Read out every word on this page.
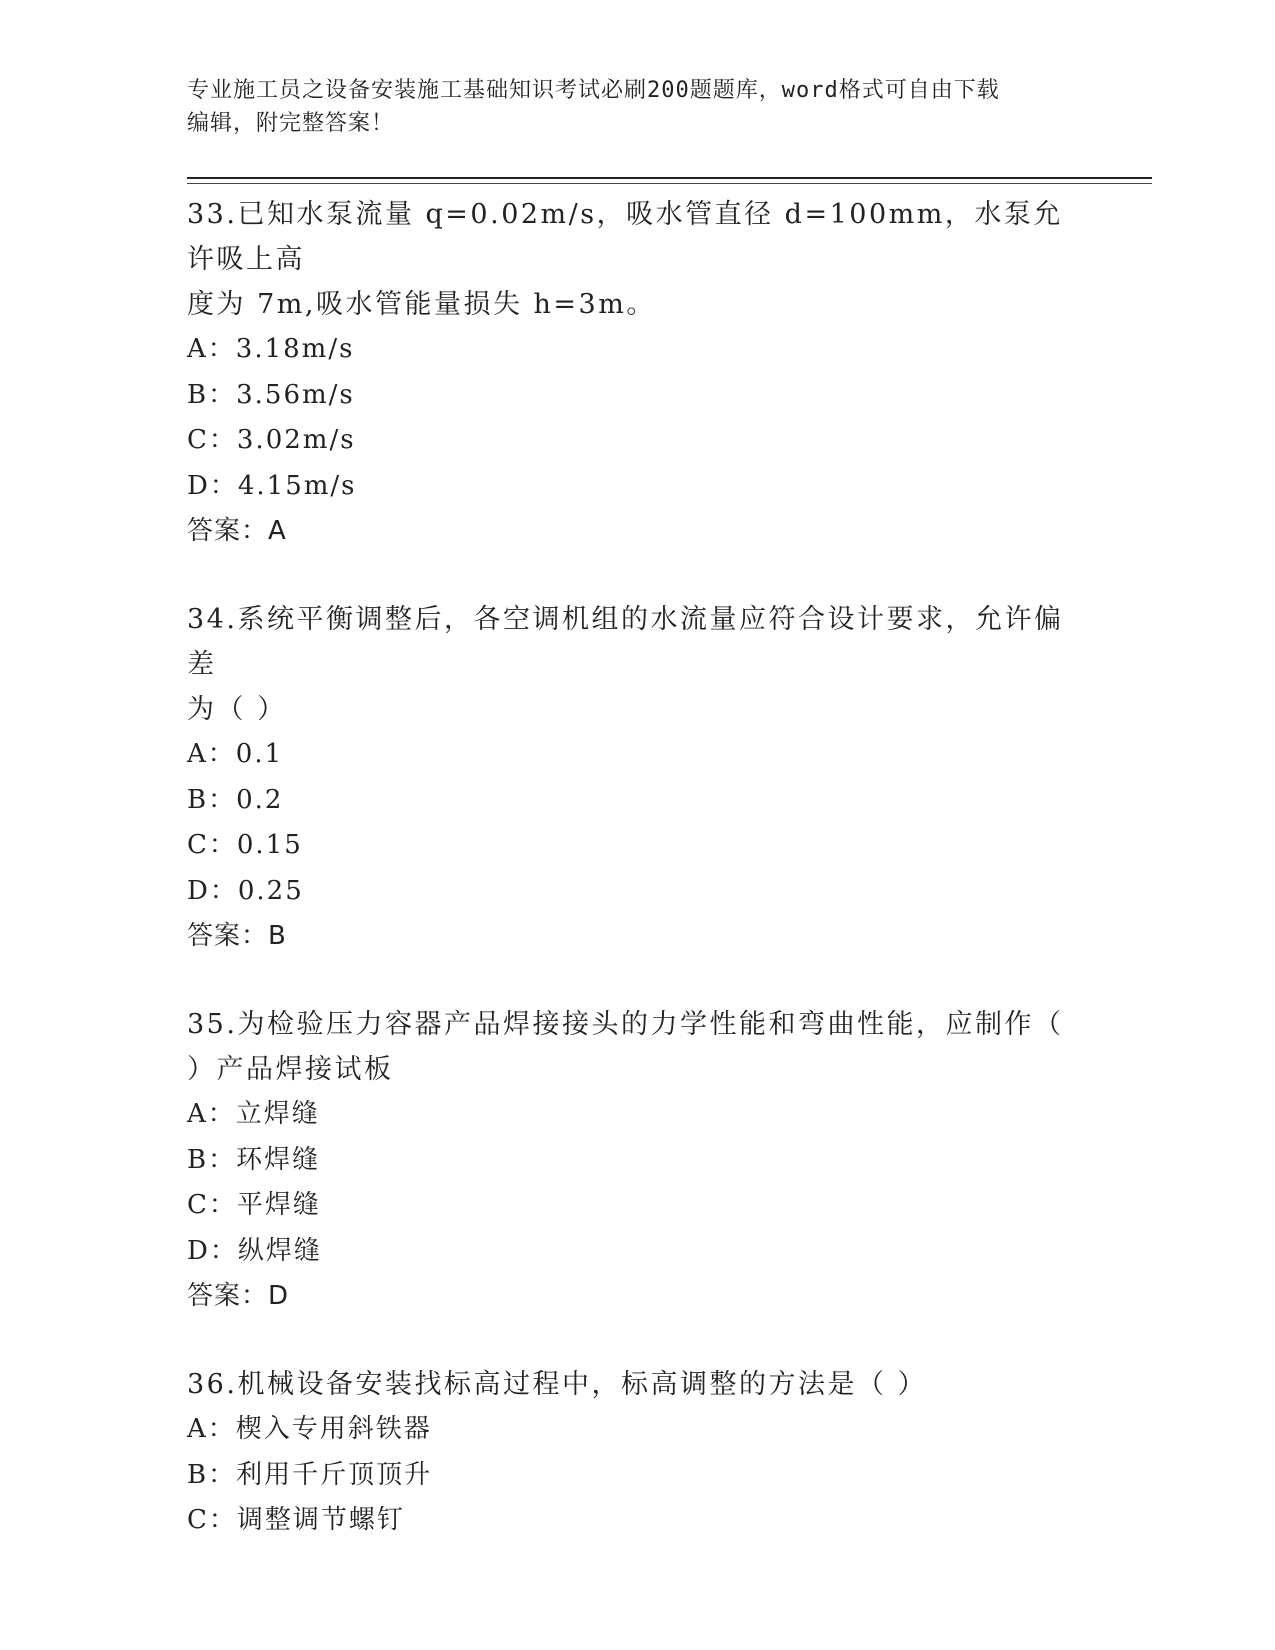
专业施工员之设备安装施工基础知识考试必刷200题题库，word格式可自由下载
编辑，附完整答案！
33.已知水泵流量 q=0.02m/s，吸水管直径 d=100mm，水泵允许吸上高
度为 7m,吸水管能量损失 h=3m。
A：3.18m/s
B：3.56m/s
C：3.02m/s
D：4.15m/s
答案：A
34.系统平衡调整后，各空调机组的水流量应符合设计要求，允许偏差
为（ ）
A：0.1
B：0.2
C：0.15
D：0.25
答案：B
35.为检验压力容器产品焊接接头的力学性能和弯曲性能，应制作（
）产品焊接试板
A：立焊缝
B：环焊缝
C：平焊缝
D：纵焊缝
答案：D
36.机械设备安装找标高过程中，标高调整的方法是（ ）
A：楔入专用斜铁器
B：利用千斤顶顶升
C：调整调节螺钉
